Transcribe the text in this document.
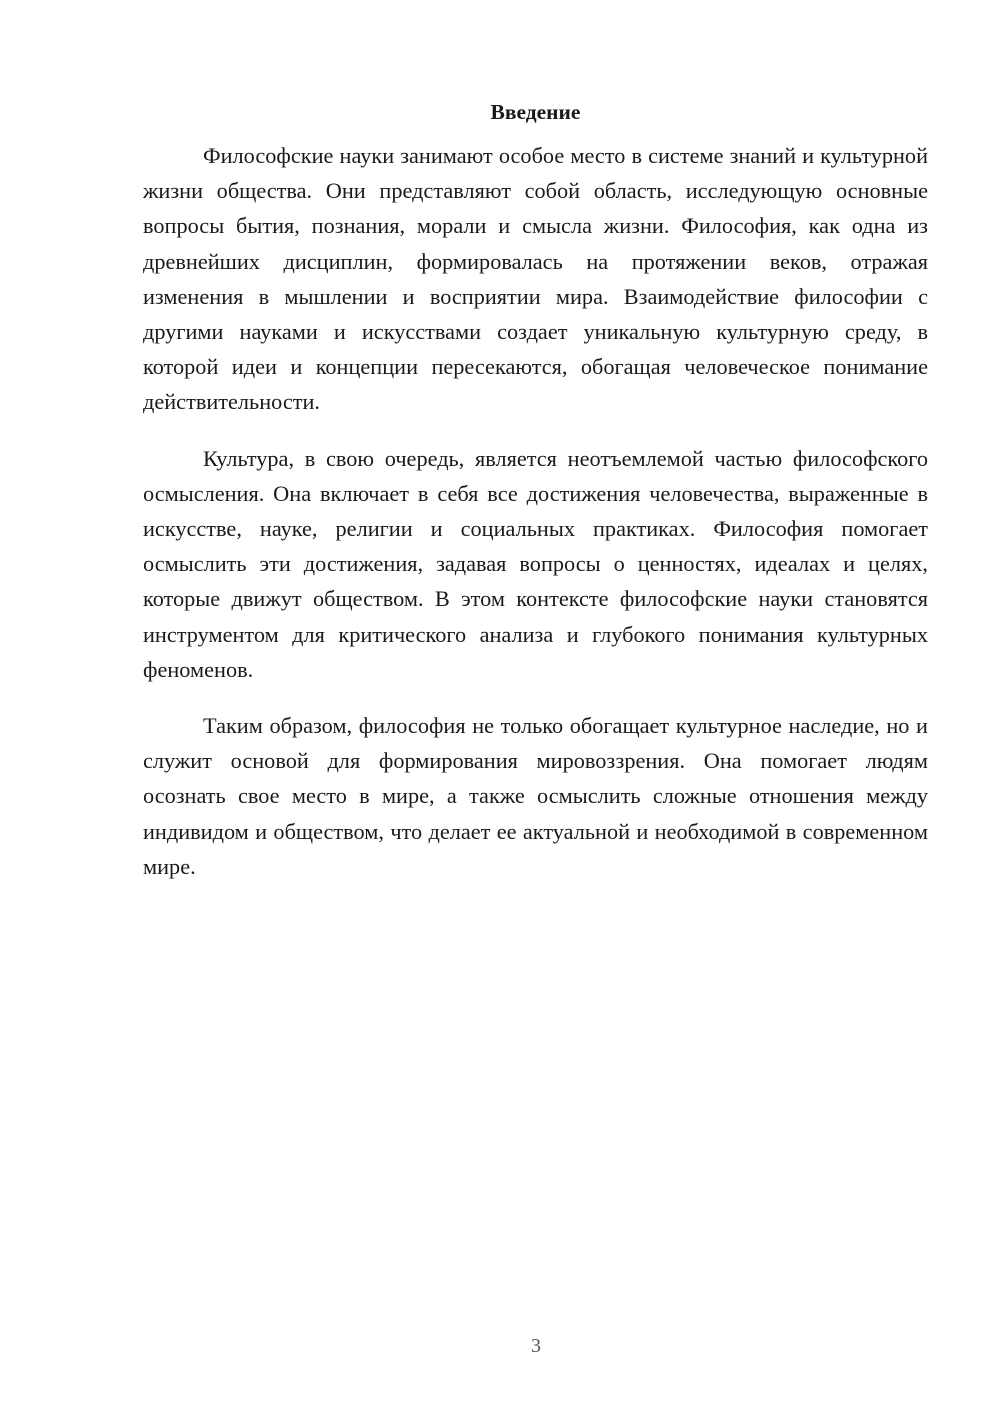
Введение

Философские науки занимают особое место в системе знаний и культурной жизни общества. Они представляют собой область, исследующую основные вопросы бытия, познания, морали и смысла жизни. Философия, как одна из древнейших дисциплин, формировалась на протяжении веков, отражая изменения в мышлении и восприятии мира. Взаимодействие философии с другими науками и искусствами создает уникальную культурную среду, в которой идеи и концепции пересекаются, обогащая человеческое понимание действительности.

Культура, в свою очередь, является неотъемлемой частью философского осмысления. Она включает в себя все достижения человечества, выраженные в искусстве, науке, религии и социальных практиках. Философия помогает осмыслить эти достижения, задавая вопросы о ценностях, идеалах и целях, которые движут обществом. В этом контексте философские науки становятся инструментом для критического анализа и глубокого понимания культурных феноменов.

Таким образом, философия не только обогащает культурное наследие, но и служит основой для формирования мировоззрения. Она помогает людям осознать свое место в мире, а также осмыслить сложные отношения между индивидом и обществом, что делает ее актуальной и необходимой в современном мире.

3
